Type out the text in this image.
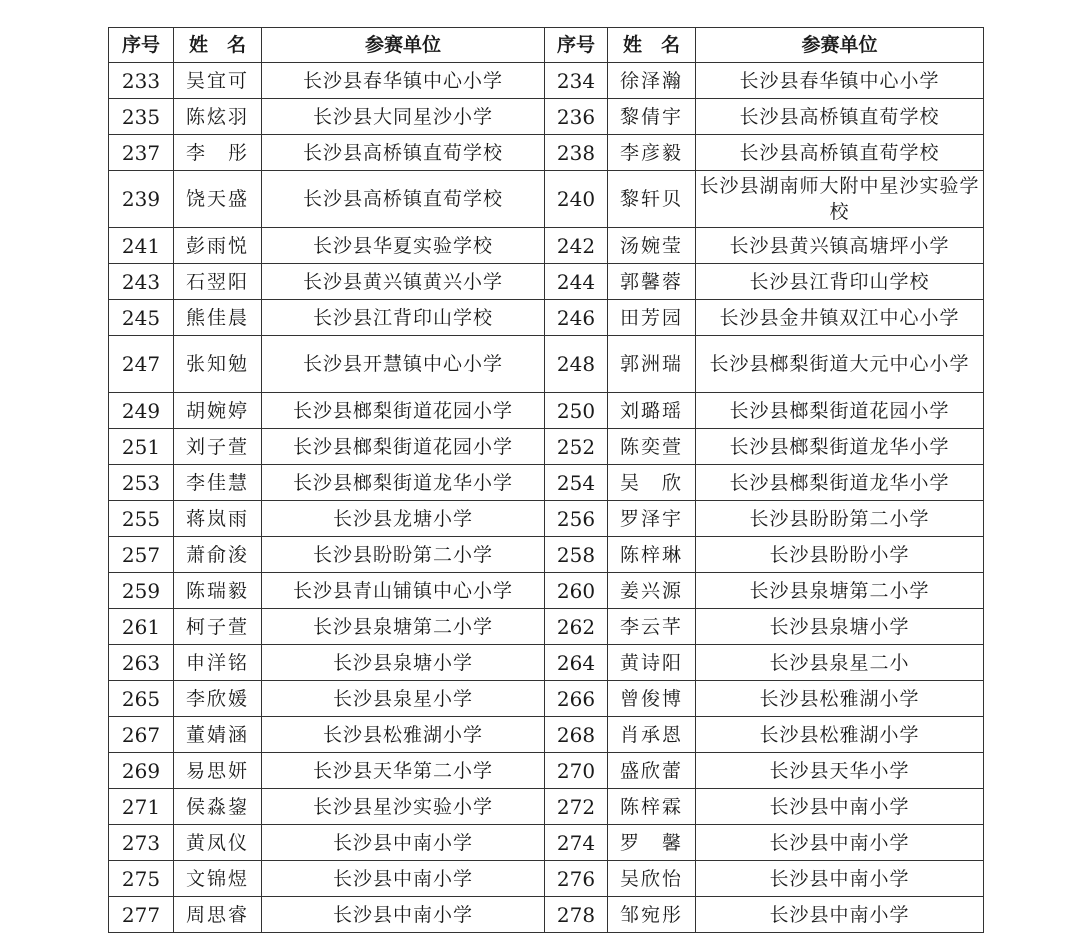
序号	姓　名	参赛单位	序号	姓　名	参赛单位
233	吴宜可	长沙县春华镇中心小学	234	徐泽瀚	长沙县春华镇中心小学
235	陈炫羽	长沙县大同星沙小学	236	黎倩宇	长沙县高桥镇直荀学校
237	李　彤	长沙县高桥镇直荀学校	238	李彦毅	长沙县高桥镇直荀学校
239	饶天盛	长沙县高桥镇直荀学校	240	黎轩贝	长沙县湖南师大附中星沙实验学校
241	彭雨悦	长沙县华夏实验学校	242	汤婉莹	长沙县黄兴镇高塘坪小学
243	石翌阳	长沙县黄兴镇黄兴小学	244	郭馨蓉	长沙县江背印山学校
245	熊佳晨	长沙县江背印山学校	246	田芳园	长沙县金井镇双江中心小学
247	张知勉	长沙县开慧镇中心小学	248	郭洲瑞	长沙县榔梨街道大元中心小学
249	胡婉婷	长沙县榔梨街道花园小学	250	刘璐瑶	长沙县榔梨街道花园小学
251	刘子萱	长沙县榔梨街道花园小学	252	陈奕萱	长沙县榔梨街道龙华小学
253	李佳慧	长沙县榔梨街道龙华小学	254	吴　欣	长沙县榔梨街道龙华小学
255	蒋岚雨	长沙县龙塘小学	256	罗泽宇	长沙县盼盼第二小学
257	萧俞浚	长沙县盼盼第二小学	258	陈梓琳	长沙县盼盼小学
259	陈瑞毅	长沙县青山铺镇中心小学	260	姜兴源	长沙县泉塘第二小学
261	柯子萱	长沙县泉塘第二小学	262	李云芊	长沙县泉塘小学
263	申洋铭	长沙县泉塘小学	264	黄诗阳	长沙县泉星二小
265	李欣媛	长沙县泉星小学	266	曾俊博	长沙县松雅湖小学
267	董婧涵	长沙县松雅湖小学	268	肖承恩	长沙县松雅湖小学
269	易思妍	长沙县天华第二小学	270	盛欣蕾	长沙县天华小学
271	侯淼鋆	长沙县星沙实验小学	272	陈梓霖	长沙县中南小学
273	黄凤仪	长沙县中南小学	274	罗　馨	长沙县中南小学
275	文锦煜	长沙县中南小学	276	吴欣怡	长沙县中南小学
277	周思睿	长沙县中南小学	278	邹宛彤	长沙县中南小学
